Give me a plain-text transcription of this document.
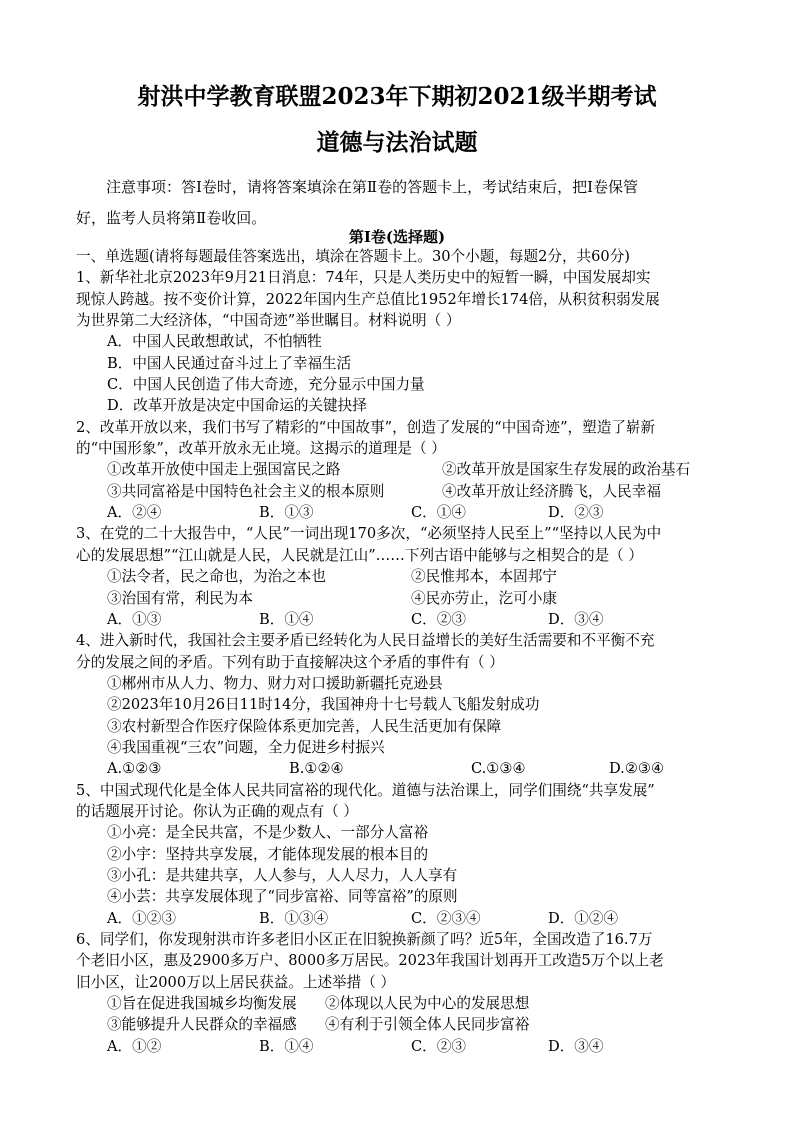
射洪中学教育联盟2023年下期初2021级半期考试
道德与法治试题
注意事项：答I卷时，请将答案填涂在第Ⅱ卷的答题卡上，考试结束后，把I卷保管
好，监考人员将第Ⅱ卷收回。
第Ⅰ卷(选择题)
一、单选题(请将每题最佳答案选出，填涂在答题卡上。30个小题，每题2分，共60分)
1、新华社北京2023年9月21日消息：74年，只是人类历史中的短暂一瞬，中国发展却实
现惊人跨越。按不变价计算，2022年国内生产总值比1952年增长174倍，从积贫积弱发展
为世界第二大经济体，“中国奇迹”举世瞩目。材料说明（ ）
A．中国人民敢想敢试，不怕牺牲
B．中国人民通过奋斗过上了幸福生活
C．中国人民创造了伟大奇迹，充分显示中国力量
D．改革开放是决定中国命运的关键抉择
2、改革开放以来，我们书写了精彩的“中国故事”，创造了发展的“中国奇迹”，塑造了崭新
的“中国形象”，改革开放永无止境。这揭示的道理是（ ）
①改革开放使中国走上强国富民之路	②改革开放是国家生存发展的政治基石
③共同富裕是中国特色社会主义的根本原则	④改革开放让经济腾飞，人民幸福
A．②④	B．①③	C．①④	D．②③
3、在党的二十大报告中，“人民”一词出现170多次，“必须坚持人民至上”“坚持以人民为中
心的发展思想”“江山就是人民，人民就是江山”……下列古语中能够与之相契合的是（ ）
①法令者，民之命也，为治之本也	②民惟邦本，本固邦宁
③治国有常，利民为本	④民亦劳止，汔可小康
A．①③	B．①④	C．②③	D．③④
4、进入新时代，我国社会主要矛盾已经转化为人民日益增长的美好生活需要和不平衡不充
分的发展之间的矛盾。下列有助于直接解决这个矛盾的事件有（ ）
①郴州市从人力、物力、财力对口援助新疆托克逊县
②2023年10月26日11时14分，我国神舟十七号载人飞船发射成功
③农村新型合作医疗保险体系更加完善，人民生活更加有保障
④我国重视“三农”问题，全力促进乡村振兴
A.①②③	B.①②④	C.①③④	D.②③④
5、中国式现代化是全体人民共同富裕的现代化。道德与法治课上，同学们围绕“共享发展”
的话题展开讨论。你认为正确的观点有（ ）
①小亮：是全民共富，不是少数人、一部分人富裕
②小宇：坚持共享发展，才能体现发展的根本目的
③小孔：是共建共享，人人参与，人人尽力，人人享有
④小芸：共享发展体现了“同步富裕、同等富裕”的原则
A．①②③	B．①③④	C．②③④	D．①②④
6、同学们，你发现射洪市许多老旧小区正在旧貌换新颜了吗？近5年，全国改造了16.7万
个老旧小区，惠及2900多万户、8000多万居民。2023年我国计划再开工改造5万个以上老
旧小区，让2000万以上居民获益。上述举措（ ）
①旨在促进我国城乡均衡发展	②体现以人民为中心的发展思想
③能够提升人民群众的幸福感	④有利于引领全体人民同步富裕
A．①②	B．①④	C．②③	D．③④
